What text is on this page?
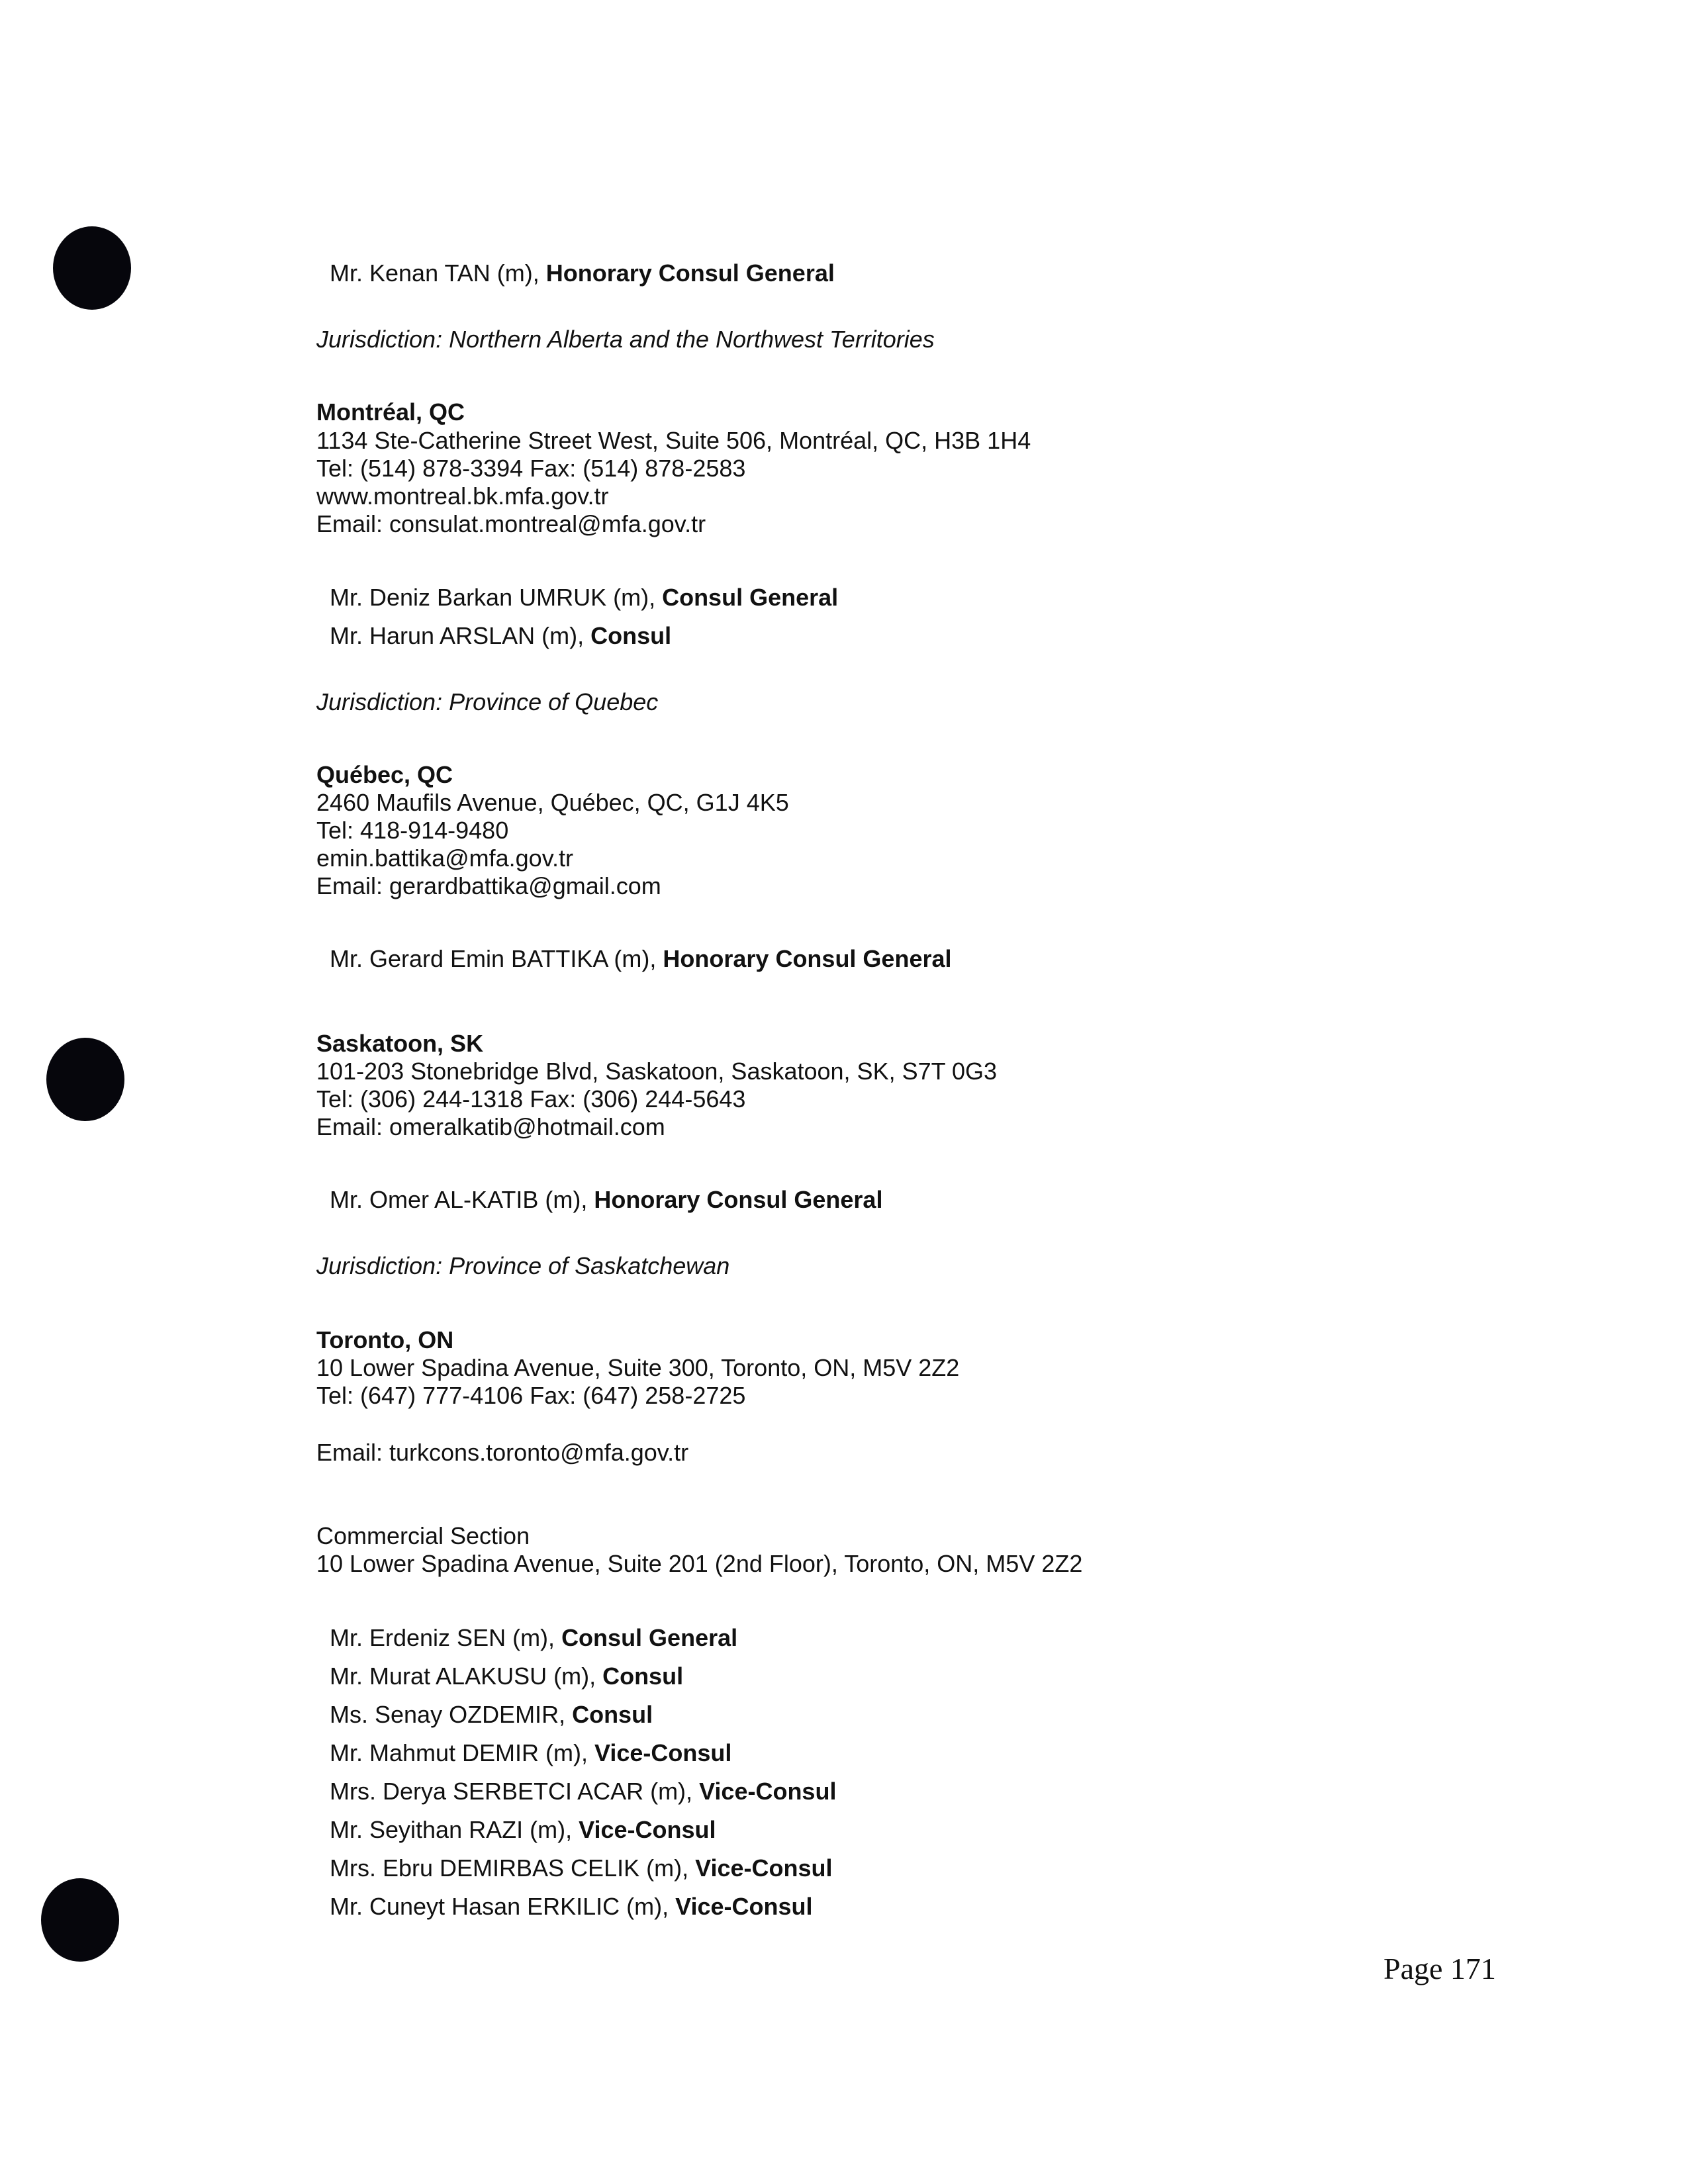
Mr. Kenan TAN (m), Honorary Consul General
Jurisdiction: Northern Alberta and the Northwest Territories
Montréal, QC
1134 Ste-Catherine Street West, Suite 506, Montréal, QC, H3B 1H4
Tel: (514) 878-3394 Fax: (514) 878-2583
www.montreal.bk.mfa.gov.tr
Email: consulat.montreal@mfa.gov.tr
Mr. Deniz Barkan UMRUK (m), Consul General
Mr. Harun ARSLAN (m), Consul
Jurisdiction: Province of Quebec
Québec, QC
2460 Maufils Avenue, Québec, QC, G1J 4K5
Tel: 418-914-9480
emin.battika@mfa.gov.tr
Email: gerardbattika@gmail.com
Mr. Gerard Emin BATTIKA (m), Honorary Consul General
Saskatoon, SK
101-203 Stonebridge Blvd, Saskatoon, Saskatoon, SK, S7T 0G3
Tel: (306) 244-1318 Fax: (306) 244-5643
Email: omeralkatib@hotmail.com
Mr. Omer AL-KATIB (m), Honorary Consul General
Jurisdiction: Province of Saskatchewan
Toronto, ON
10 Lower Spadina Avenue, Suite 300, Toronto, ON, M5V 2Z2
Tel: (647) 777-4106 Fax: (647) 258-2725
Email: turkcons.toronto@mfa.gov.tr
Commercial Section
10 Lower Spadina Avenue, Suite 201 (2nd Floor), Toronto, ON, M5V 2Z2
Mr. Erdeniz SEN (m), Consul General
Mr. Murat ALAKUSU (m), Consul
Ms. Senay OZDEMIR, Consul
Mr. Mahmut DEMIR (m), Vice-Consul
Mrs. Derya SERBETCI ACAR (m), Vice-Consul
Mr. Seyithan RAZI (m), Vice-Consul
Mrs. Ebru DEMIRBAS CELIK (m), Vice-Consul
Mr. Cuneyt Hasan ERKILIC (m), Vice-Consul
Page 171
